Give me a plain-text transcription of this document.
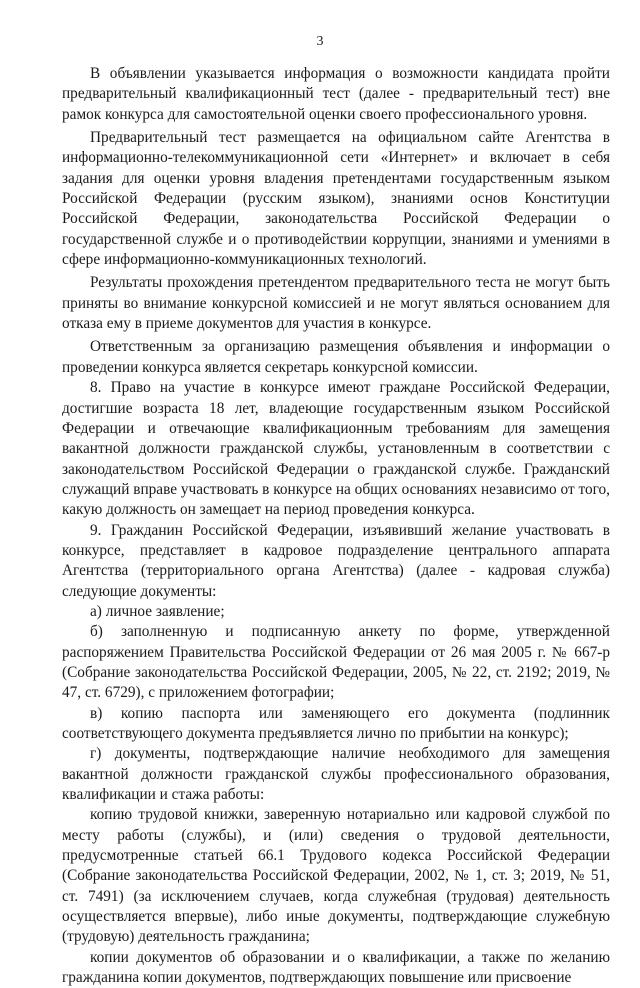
3

В объявлении указывается информация о возможности кандидата пройти предварительный квалификационный тест (далее - предварительный тест) вне рамок конкурса для самостоятельной оценки своего профессионального уровня.

Предварительный тест размещается на официальном сайте Агентства в информационно-телекоммуникационной сети «Интернет» и включает в себя задания для оценки уровня владения претендентами государственным языком Российской Федерации (русским языком), знаниями основ Конституции Российской Федерации, законодательства Российской Федерации о государственной службе и о противодействии коррупции, знаниями и умениями в сфере информационно-коммуникационных технологий.

Результаты прохождения претендентом предварительного теста не могут быть приняты во внимание конкурсной комиссией и не могут являться основанием для отказа ему в приеме документов для участия в конкурсе.

Ответственным за организацию размещения объявления и информации о проведении конкурса является секретарь конкурсной комиссии.

8. Право на участие в конкурсе имеют граждане Российской Федерации, достигшие возраста 18 лет, владеющие государственным языком Российской Федерации и отвечающие квалификационным требованиям для замещения вакантной должности гражданской службы, установленным в соответствии с законодательством Российской Федерации о гражданской службе. Гражданский служащий вправе участвовать в конкурсе на общих основаниях независимо от того, какую должность он замещает на период проведения конкурса.

9. Гражданин Российской Федерации, изъявивший желание участвовать в конкурсе, представляет в кадровое подразделение центрального аппарата Агентства (территориального органа Агентства) (далее - кадровая служба) следующие документы:

а) личное заявление;

б) заполненную и подписанную анкету по форме, утвержденной распоряжением Правительства Российской Федерации от 26 мая 2005 г. № 667-р (Собрание законодательства Российской Федерации, 2005, № 22, ст. 2192; 2019, № 47, ст. 6729), с приложением фотографии;

в) копию паспорта или заменяющего его документа (подлинник соответствующего документа предъявляется лично по прибытии на конкурс);

г) документы, подтверждающие наличие необходимого для замещения вакантной должности гражданской службы профессионального образования, квалификации и стажа работы:

копию трудовой книжки, заверенную нотариально или кадровой службой по месту работы (службы), и (или) сведения о трудовой деятельности, предусмотренные статьей 66.1 Трудового кодекса Российской Федерации (Собрание законодательства Российской Федерации, 2002, № 1, ст. 3; 2019, № 51, ст. 7491) (за исключением случаев, когда служебная (трудовая) деятельность осуществляется впервые), либо иные документы, подтверждающие служебную (трудовую) деятельность гражданина;

копии документов об образовании и о квалификации, а также по желанию гражданина копии документов, подтверждающих повышение или присвоение
